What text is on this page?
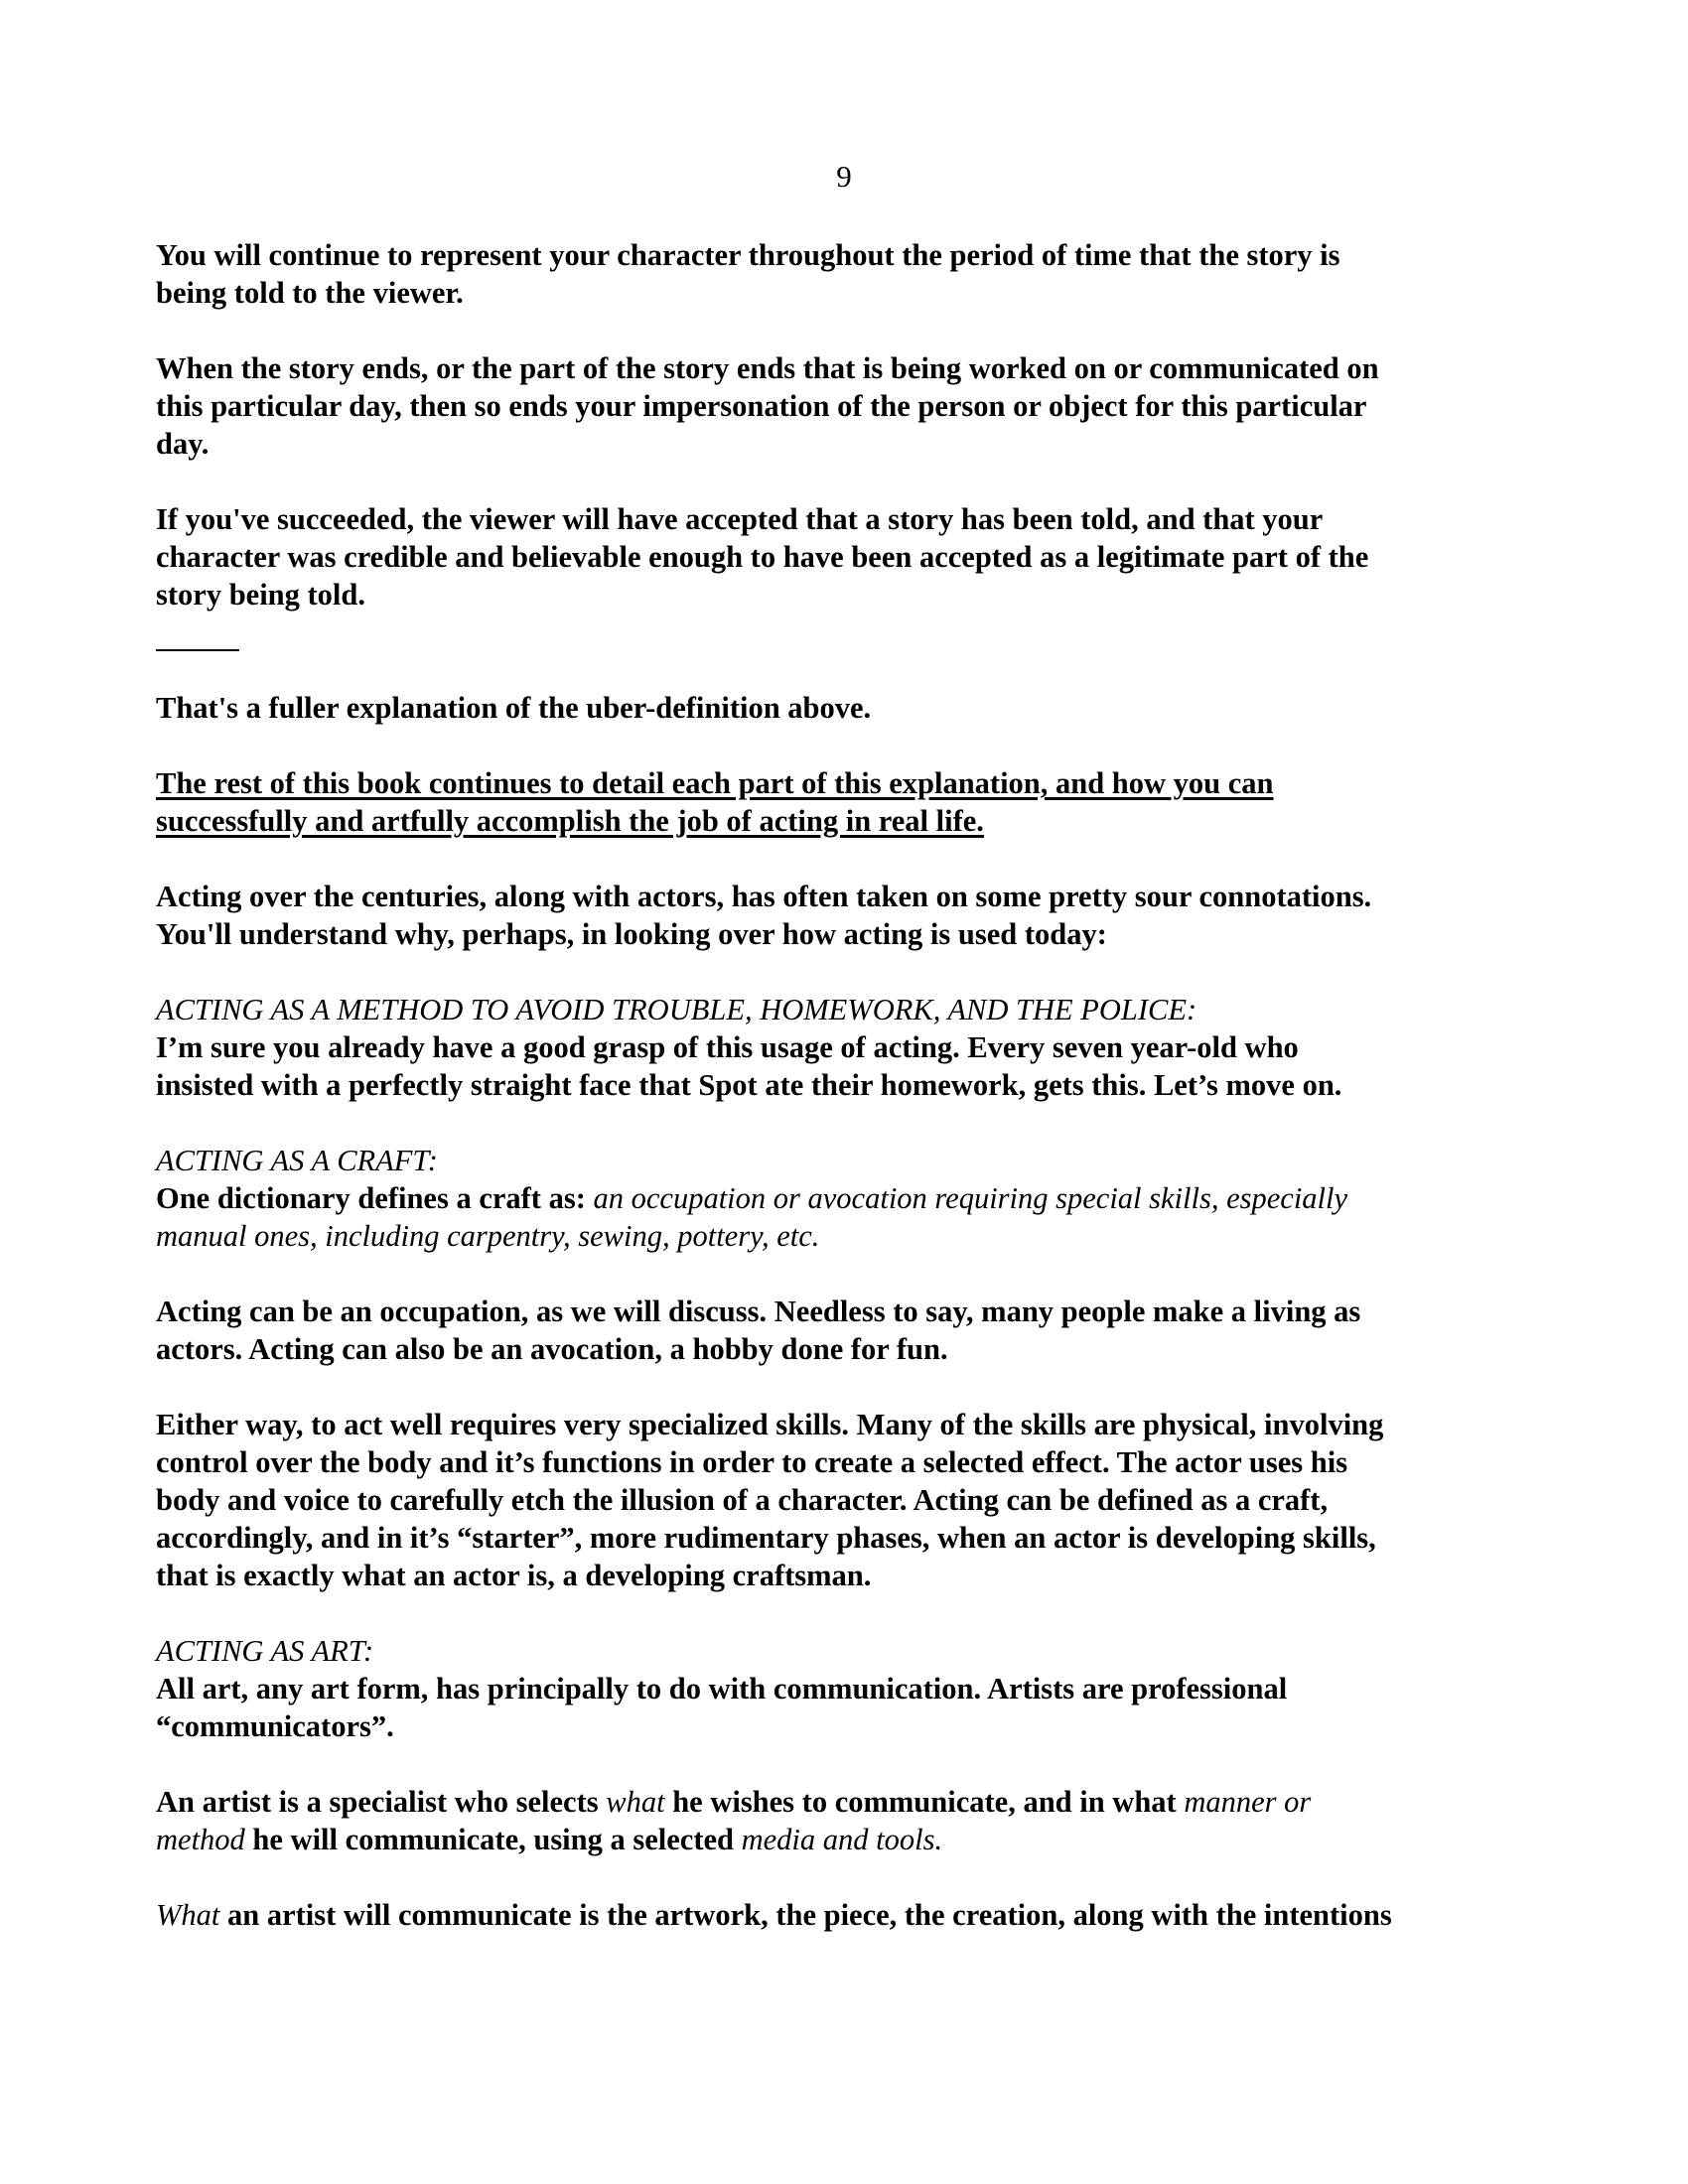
9
You will continue to represent your character throughout the period of time that the story is
being told to the viewer.
When the story ends, or the part of the story ends that is being worked on or communicated on
this particular day, then so ends your impersonation of the person or object for this particular
day.
If you've succeeded, the viewer will have accepted that a story has been told, and that your
character was credible and believable enough to have been accepted as a legitimate part of the
story being told.
That's a fuller explanation of the uber-definition above.
The rest of this book continues to detail each part of this explanation, and how you can
successfully and artfully accomplish the job of acting in real life.
Acting over the centuries, along with actors, has often taken on some pretty sour connotations.
You'll understand why, perhaps, in looking over how acting is used today:
ACTING AS A METHOD TO AVOID TROUBLE, HOMEWORK, AND THE POLICE:
I’m sure you already have a good grasp of this usage of acting. Every seven year-old who
insisted with a perfectly straight face that Spot ate their homework, gets this. Let’s move on.
ACTING AS A CRAFT:
One dictionary defines a craft as: an occupation or avocation requiring special skills, especially
manual ones, including carpentry, sewing, pottery, etc.
Acting can be an occupation, as we will discuss. Needless to say, many people make a living as
actors. Acting can also be an avocation, a hobby done for fun.
Either way, to act well requires very specialized skills. Many of the skills are physical, involving
control over the body and it’s functions in order to create a selected effect. The actor uses his
body and voice to carefully etch the illusion of a character. Acting can be defined as a craft,
accordingly, and in it’s “starter”, more rudimentary phases, when an actor is developing skills,
that is exactly what an actor is, a developing craftsman.
ACTING AS ART:
All art, any art form, has principally to do with communication. Artists are professional
“communicators”.
An artist is a specialist who selects what he wishes to communicate, and in what manner or
method he will communicate, using a selected media and tools.
What an artist will communicate is the artwork, the piece, the creation, along with the intentions
